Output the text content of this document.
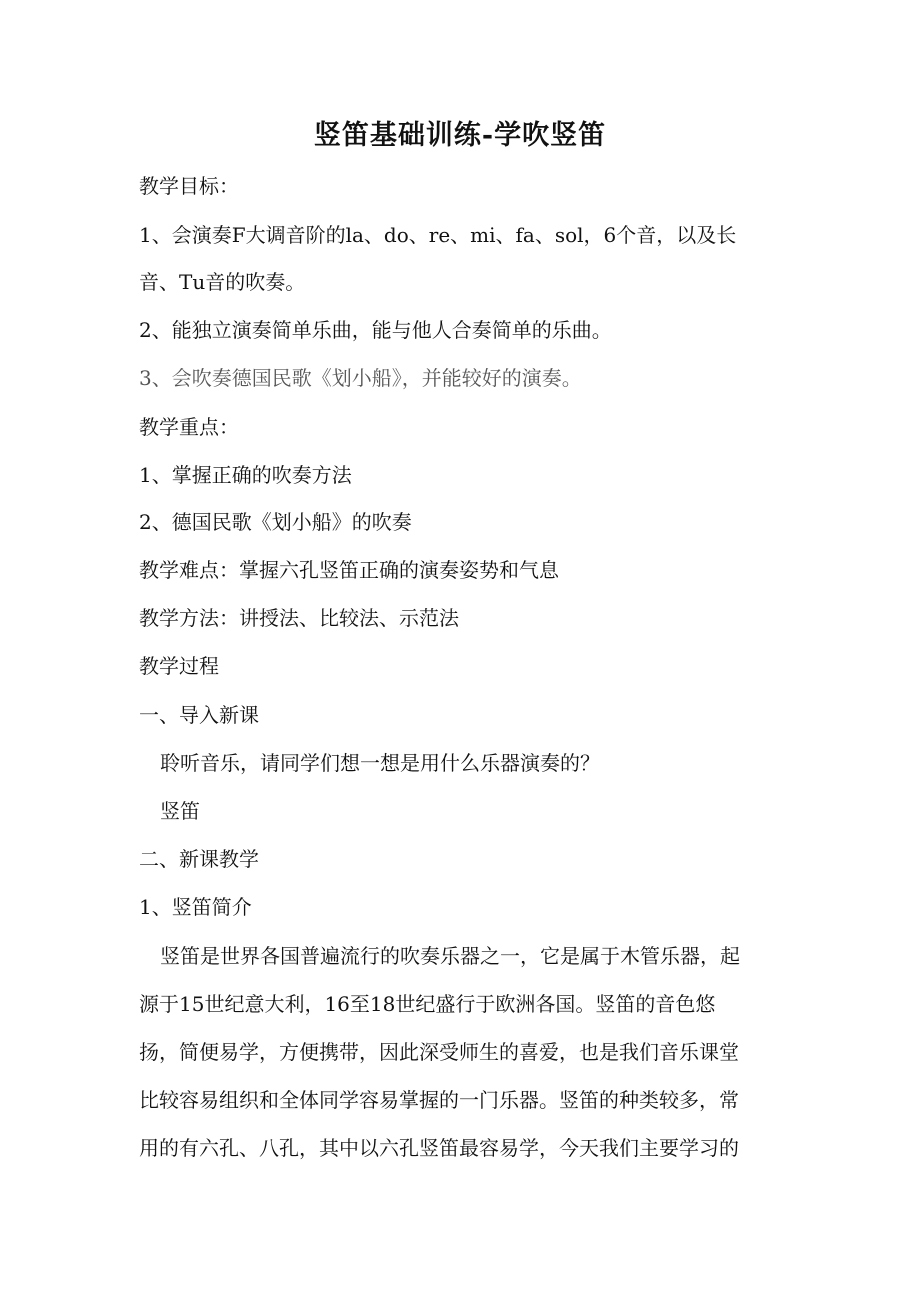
竖笛基础训练-学吹竖笛
教学目标：
1、会演奏F大调音阶的la、do、re、mi、fa、sol，6个音，以及长
音、Tu音的吹奏。
2、能独立演奏简单乐曲，能与他人合奏简单的乐曲。
3、会吹奏德国民歌《划小船》，并能较好的演奏。
教学重点：
1、掌握正确的吹奏方法
2、德国民歌《划小船》的吹奏
教学难点：掌握六孔竖笛正确的演奏姿势和气息
教学方法：讲授法、比较法、示范法
教学过程
一、导入新课
聆听音乐，请同学们想一想是用什么乐器演奏的？
竖笛
二、新课教学
1、竖笛简介
竖笛是世界各国普遍流行的吹奏乐器之一，它是属于木管乐器，起
源于15世纪意大利，16至18世纪盛行于欧洲各国。竖笛的音色悠
扬，简便易学，方便携带，因此深受师生的喜爱，也是我们音乐课堂
比较容易组织和全体同学容易掌握的一门乐器。竖笛的种类较多，常
用的有六孔、八孔，其中以六孔竖笛最容易学，今天我们主要学习的
